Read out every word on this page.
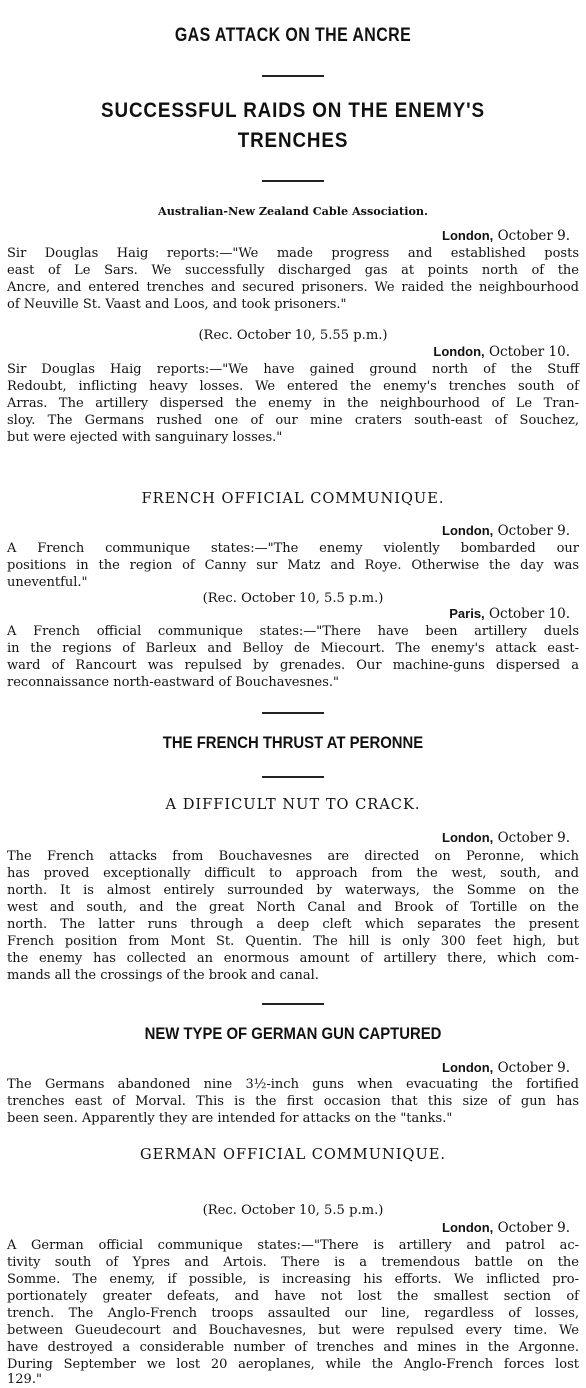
GAS ATTACK ON THE ANCRE
SUCCESSFUL RAIDS ON THE ENEMY'S
TRENCHES
Australian-New Zealand Cable Association.
London, October 9.
Sir Douglas Haig reports:—"We made progress and established posts
east of Le Sars. We successfully discharged gas at points north of the
Ancre, and entered trenches and secured prisoners. We raided the neighbourhood
of Neuville St. Vaast and Loos, and took prisoners."
(Rec. October 10, 5.55 p.m.)
London, October 10.
Sir Douglas Haig reports:—"We have gained ground north of the Stuff
Redoubt, inflicting heavy losses. We entered the enemy's trenches south of
Arras. The artillery dispersed the enemy in the neighbourhood of Le Tran-
sloy. The Germans rushed one of our mine craters south-east of Souchez,
but were ejected with sanguinary losses."
FRENCH OFFICIAL COMMUNIQUE.
London, October 9.
A French communique states:—"The enemy violently bombarded our
positions in the region of Canny sur Matz and Roye. Otherwise the day was
uneventful."
(Rec. October 10, 5.5 p.m.)
Paris, October 10.
A French official communique states:—"There have been artillery duels
in the regions of Barleux and Belloy de Miecourt. The enemy's attack east-
ward of Rancourt was repulsed by grenades. Our machine-guns dispersed a
reconnaissance north-eastward of Bouchavesnes."
THE FRENCH THRUST AT PERONNE
A DIFFICULT NUT TO CRACK.
London, October 9.
The French attacks from Bouchavesnes are directed on Peronne, which
has proved exceptionally difficult to approach from the west, south, and
north. It is almost entirely surrounded by waterways, the Somme on the
west and south, and the great North Canal and Brook of Tortille on the
north. The latter runs through a deep cleft which separates the present
French position from Mont St. Quentin. The hill is only 300 feet high, but
the enemy has collected an enormous amount of artillery there, which com-
mands all the crossings of the brook and canal.
NEW TYPE OF GERMAN GUN CAPTURED
London, October 9.
The Germans abandoned nine 3½-inch guns when evacuating the fortified
trenches east of Morval. This is the first occasion that this size of gun has
been seen. Apparently they are intended for attacks on the "tanks."
GERMAN OFFICIAL COMMUNIQUE.
(Rec. October 10, 5.5 p.m.)
London, October 9.
A German official communique states:—"There is artillery and patrol ac-
tivity south of Ypres and Artois. There is a tremendous battle on the
Somme. The enemy, if possible, is increasing his efforts. We inflicted pro-
portionately greater defeats, and have not lost the smallest section of
trench. The Anglo-French troops assaulted our line, regardless of losses,
between Gueudecourt and Bouchavesnes, but were repulsed every time. We
have destroyed a considerable number of trenches and mines in the Argonne.
During September we lost 20 aeroplanes, while the Anglo-French forces lost
129."
